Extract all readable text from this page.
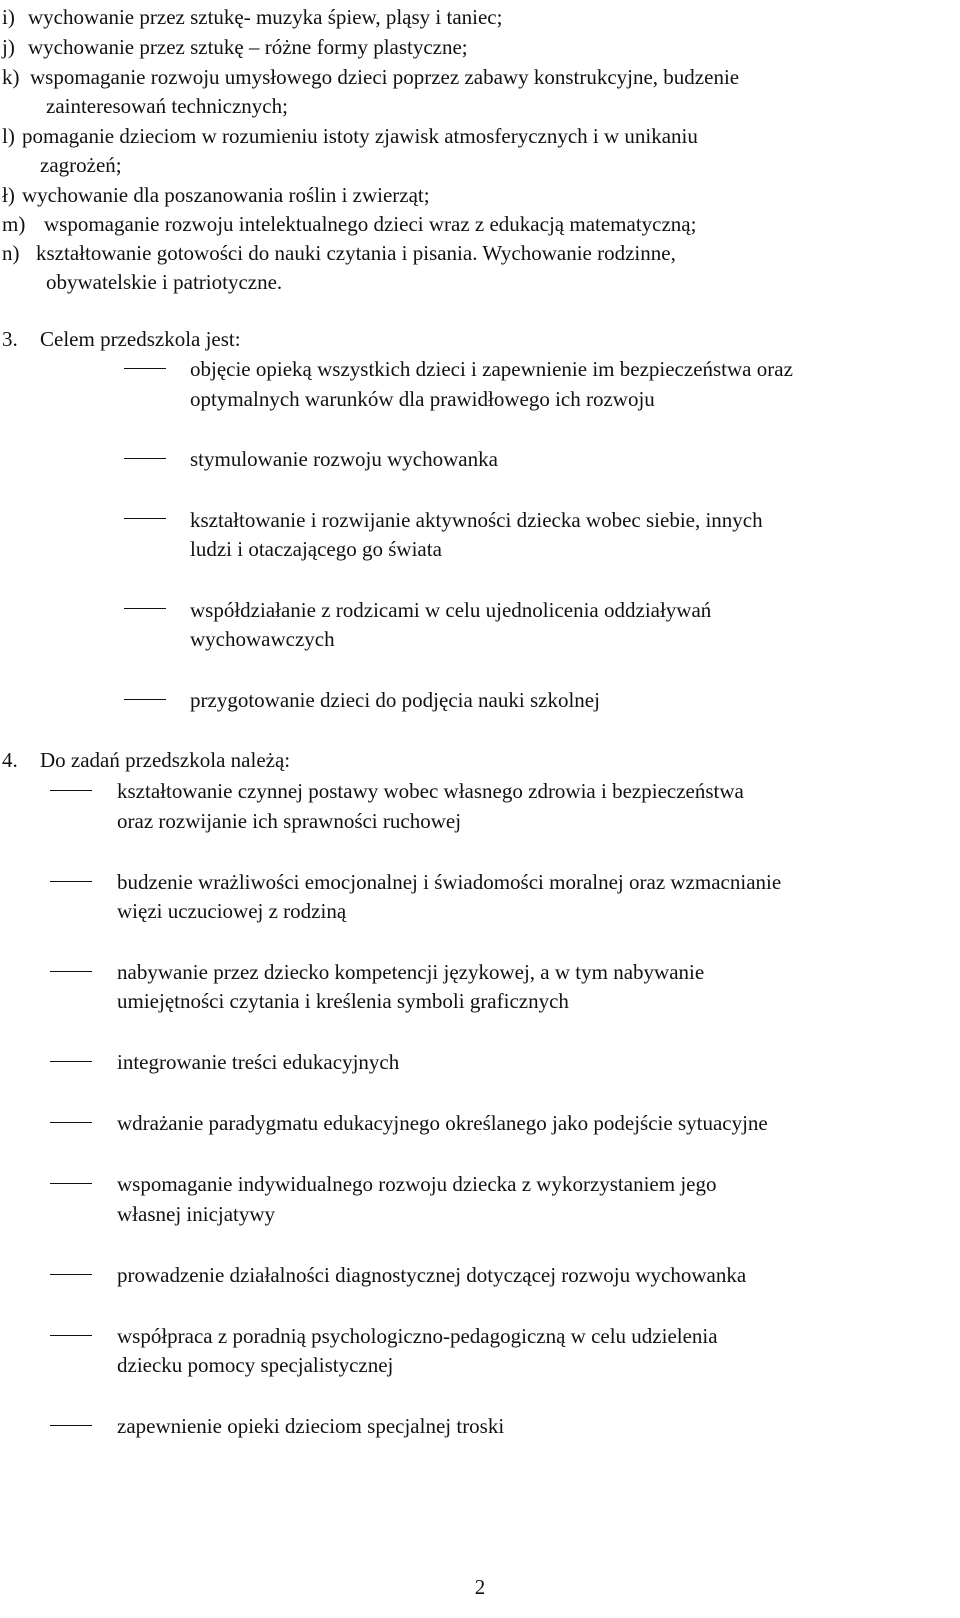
i) wychowanie przez sztukę- muzyka śpiew, pląsy i taniec;
j) wychowanie przez sztukę – różne formy plastyczne;
k) wspomaganie rozwoju umysłowego dzieci poprzez zabawy konstrukcyjne, budzenie
zainteresowań technicznych;
l) pomaganie dzieciom w rozumieniu istoty zjawisk atmosferycznych i w unikaniu
zagrożeń;
ł) wychowanie dla poszanowania roślin i zwierząt;
m) wspomaganie rozwoju intelektualnego dzieci wraz z edukacją matematyczną;
n) kształtowanie gotowości do nauki czytania i pisania. Wychowanie rodzinne,
obywatelskie i patriotyczne.
3. Celem przedszkola jest:
objęcie opieką wszystkich dzieci i zapewnienie im bezpieczeństwa oraz
optymalnych warunków dla prawidłowego ich rozwoju
stymulowanie rozwoju wychowanka
kształtowanie i rozwijanie aktywności dziecka wobec siebie, innych
ludzi i otaczającego go świata
współdziałanie z rodzicami w celu ujednolicenia oddziaływań
wychowawczych
przygotowanie dzieci do podjęcia nauki szkolnej
4. Do zadań przedszkola należą:
kształtowanie czynnej postawy wobec własnego zdrowia i bezpieczeństwa
oraz rozwijanie ich sprawności ruchowej
budzenie wrażliwości emocjonalnej i świadomości moralnej oraz wzmacnianie
więzi uczuciowej z rodziną
nabywanie przez dziecko kompetencji językowej, a w tym nabywanie
umiejętności czytania i kreślenia symboli graficznych
integrowanie treści edukacyjnych
wdrażanie paradygmatu edukacyjnego określanego jako podejście sytuacyjne
wspomaganie indywidualnego rozwoju dziecka z wykorzystaniem jego
własnej inicjatywy
prowadzenie działalności diagnostycznej dotyczącej rozwoju wychowanka
współpraca z poradnią psychologiczno-pedagogiczną w celu udzielenia
dziecku pomocy specjalistycznej
zapewnienie opieki dzieciom specjalnej troski
2
